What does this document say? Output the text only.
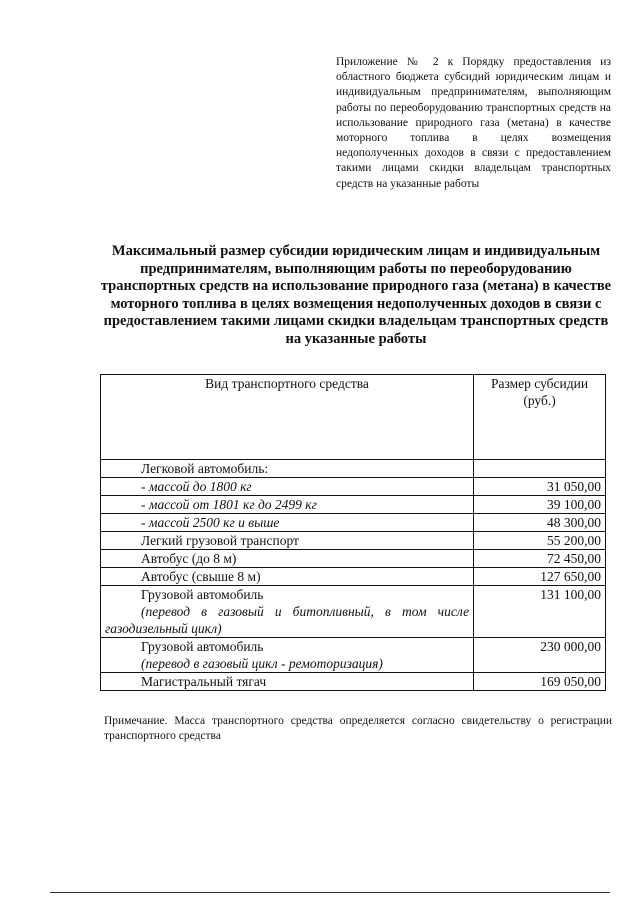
Приложение № 2 к Порядку предоставления из областного бюджета субсидий юридическим лицам и индивидуальным предпринимателям, выполняющим работы по переоборудованию транспортных средств на использование природного газа (метана) в качестве моторного топлива в целях возмещения недополученных доходов в связи с предоставлением такими лицами скидки владельцам транспортных средств на указанные работы
Максимальный размер субсидии юридическим лицам и индивидуальным предпринимателям, выполняющим работы по переоборудованию транспортных средств на использование природного газа (метана) в качестве моторного топлива в целях возмещения недополученных доходов в связи с предоставлением такими лицами скидки владельцам транспортных средств на указанные работы
Вид транспортного средства	Размер субсидии (руб.)

Легковой автомобиль:	

- массой до 1800 кг	31 050,00

- массой от 1801 кг до 2499 кг	39 100,00

- массой 2500 кг и выше	48 300,00

Легкий грузовой транспорт	55 200,00

Автобус (до 8 м)	72 450,00

Автобус (свыше 8 м)	127 650,00

Грузовой автомобиль
(перевод в газовый и битопливный, в том числе газодизельный цикл)	131 100,00

Грузовой автомобиль
(перевод в газовый цикл - ремоторизация)	230 000,00

Магистральный тягач	169 050,00
Примечание. Масса транспортного средства определяется согласно свидетельству о регистрации транспортного средства
